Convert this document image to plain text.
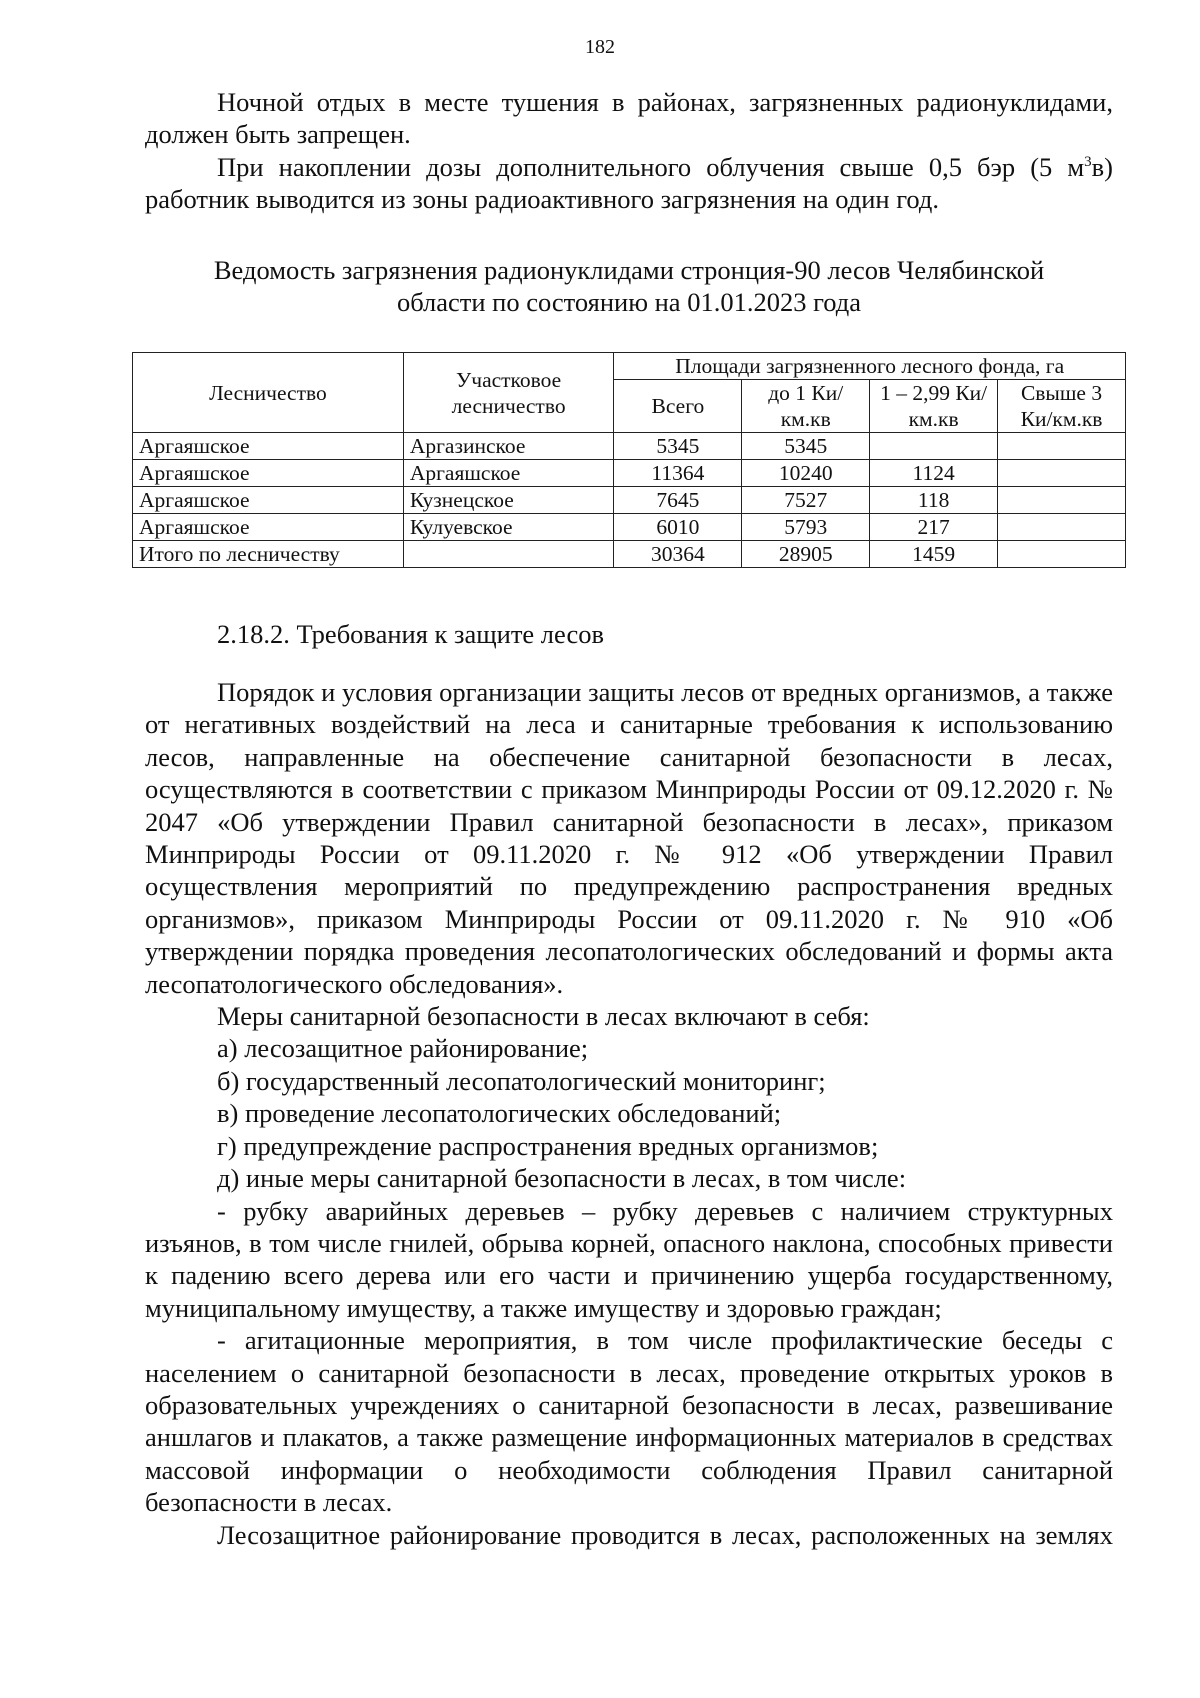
182

Ночной отдых в месте тушения в районах, загрязненных радионуклидами, должен быть запрещен.

При накоплении дозы дополнительного облучения свыше 0,5 бэр (5 $м^3в$) работник выводится из зоны радиоактивного загрязнения на один год.

Ведомость загрязнения радионуклидами стронция-90 лесов Челябинской
области по состоянию на 01.01.2023 года
Лесничество	Участковое лесничество	Площади загрязненного лесного фонда, га			
		Всего	до 1 Ки/км.кв	1 – 2,99 Ки/км.кв	Свыше 3 Ки/км.кв
Аргаяшское	Аргазинское	5345	5345		
Аргаяшское	Аргаяшское	11364	10240	1124	
Аргаяшское	Кузнецское	7645	7527	118	
Аргаяшское	Кулуевское	6010	5793	217	
Итого по лесничеству		30364	28905	1459	
2.18.2. Требования к защите лесов

Порядок и условия организации защиты лесов от вредных организмов, а также от негативных воздействий на леса и санитарные требования к использованию лесов, направленные на обеспечение санитарной безопасности в лесах, осуществляются в соответствии с приказом Минприроды России от 09.12.2020 г. № 2047 «Об утверждении Правил санитарной безопасности в лесах», приказом Минприроды России от 09.11.2020 г. № 912 «Об утверждении Правил осуществления мероприятий по предупреждению распространения вредных организмов», приказом Минприроды России от 09.11.2020 г. № 910 «Об утверждении порядка проведения лесопатологических обследований и формы акта лесопатологического обследования».

Меры санитарной безопасности в лесах включают в себя:

а) лесозащитное районирование;

б) государственный лесопатологический мониторинг;

в) проведение лесопатологических обследований;

г) предупреждение распространения вредных организмов;

д) иные меры санитарной безопасности в лесах, в том числе:

- рубку аварийных деревьев – рубку деревьев с наличием структурных изъянов, в том числе гнилей, обрыва корней, опасного наклона, способных привести к падению всего дерева или его части и причинению ущерба государственному, муниципальному имуществу, а также имуществу и здоровью граждан;

- агитационные мероприятия, в том числе профилактические беседы с населением о санитарной безопасности в лесах, проведение открытых уроков в образовательных учреждениях о санитарной безопасности в лесах, развешивание аншлагов и плакатов, а также размещение информационных материалов в средствах массовой информации о необходимости соблюдения Правил санитарной безопасности в лесах.

Лесозащитное районирование проводится в лесах, расположенных на землях
